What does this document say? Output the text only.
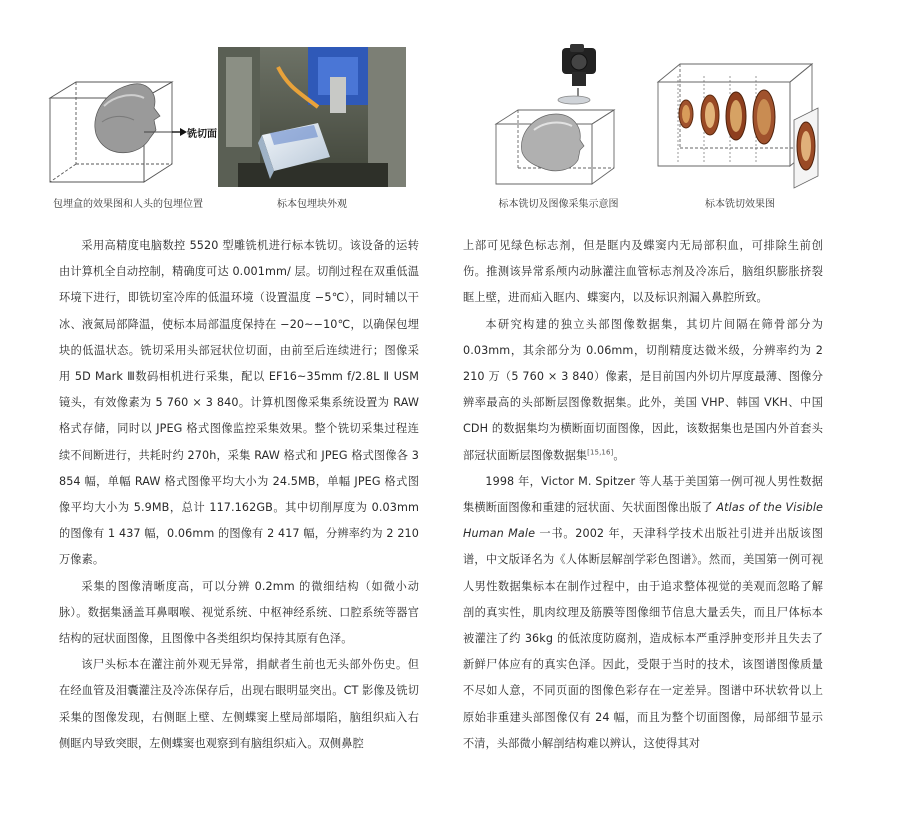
铣切面
包埋盒的效果图和人头的包埋位置	标本包埋块外观	标本铣切及图像采集示意图	标本铣切效果图

采用高精度电脑数控 5520 型雕铣机进行标本铣切。该设备的运转由计算机全自动控制，精确度可达 0.001mm/ 层。切削过程在双重低温环境下进行，即铣切室冷库的低温环境（设置温度 −5℃），同时辅以干冰、液氮局部降温，使标本局部温度保持在 −20~−10℃，以确保包埋块的低温状态。铣切采用头部冠状位切面，由前至后连续进行；图像采用 5D Mark Ⅲ数码相机进行采集，配以 EF16~35mm f/2.8L Ⅱ USM 镜头，有效像素为 5 760 × 3 840。计算机图像采集系统设置为 RAW 格式存储，同时以 JPEG 格式图像监控采集效果。整个铣切采集过程连续不间断进行，共耗时约 270h，采集 RAW 格式和 JPEG 格式图像各 3 854 幅，单幅 RAW 格式图像平均大小为 24.5MB，单幅 JPEG 格式图像平均大小为 5.9MB，总计 117.162GB。其中切削厚度为 0.03mm 的图像有 1 437 幅，0.06mm 的图像有 2 417 幅，分辨率约为 2 210 万像素。

采集的图像清晰度高，可以分辨 0.2mm 的微细结构（如微小动脉）。数据集涵盖耳鼻咽喉、视觉系统、中枢神经系统、口腔系统等器官结构的冠状面图像，且图像中各类组织均保持其原有色泽。

该尸头标本在灌注前外观无异常，捐献者生前也无头部外伤史。但在经血管及泪囊灌注及冷冻保存后，出现右眼明显突出。CT 影像及铣切采集的图像发现，右侧眶上壁、左侧蝶窦上壁局部塌陷，脑组织疝入右侧眶内导致突眼，左侧蝶窦也观察到有脑组织疝入。双侧鼻腔

上部可见绿色标志剂，但是眶内及蝶窦内无局部积血，可排除生前创伤。推测该异常系颅内动脉灌注血管标志剂及冷冻后，脑组织膨胀挤裂眶上壁，进而疝入眶内、蝶窦内，以及标识剂漏入鼻腔所致。

本研究构建的独立头部图像数据集，其切片间隔在筛骨部分为 0.03mm，其余部分为 0.06mm，切削精度达微米级，分辨率约为 2 210 万（5 760 × 3 840）像素，是目前国内外切片厚度最薄、图像分辨率最高的头部断层图像数据集。此外，美国 VHP、韩国 VKH、中国 CDH 的数据集均为横断面切面图像，因此，该数据集也是国内外首套头部冠状面断层图像数据集[15,16]。

1998 年，Victor M. Spitzer 等人基于美国第一例可视人男性数据集横断面图像和重建的冠状面、矢状面图像出版了 Atlas of the Visible Human Male 一书。2002 年，天津科学技术出版社引进并出版该图谱，中文版译名为《人体断层解剖学彩色图谱》。然而，美国第一例可视人男性数据集标本在制作过程中，由于追求整体视觉的美观而忽略了解剖的真实性，肌肉纹理及筋膜等图像细节信息大量丢失，而且尸体标本被灌注了约 36kg 的低浓度防腐剂，造成标本严重浮肿变形并且失去了新鲜尸体应有的真实色泽。因此，受限于当时的技术，该图谱图像质量不尽如人意，不同页面的图像色彩存在一定差异。图谱中环状软骨以上原始非重建头部图像仅有 24 幅，而且为整个切面图像，局部细节显示不清，头部微小解剖结构难以辨认，这使得其对
